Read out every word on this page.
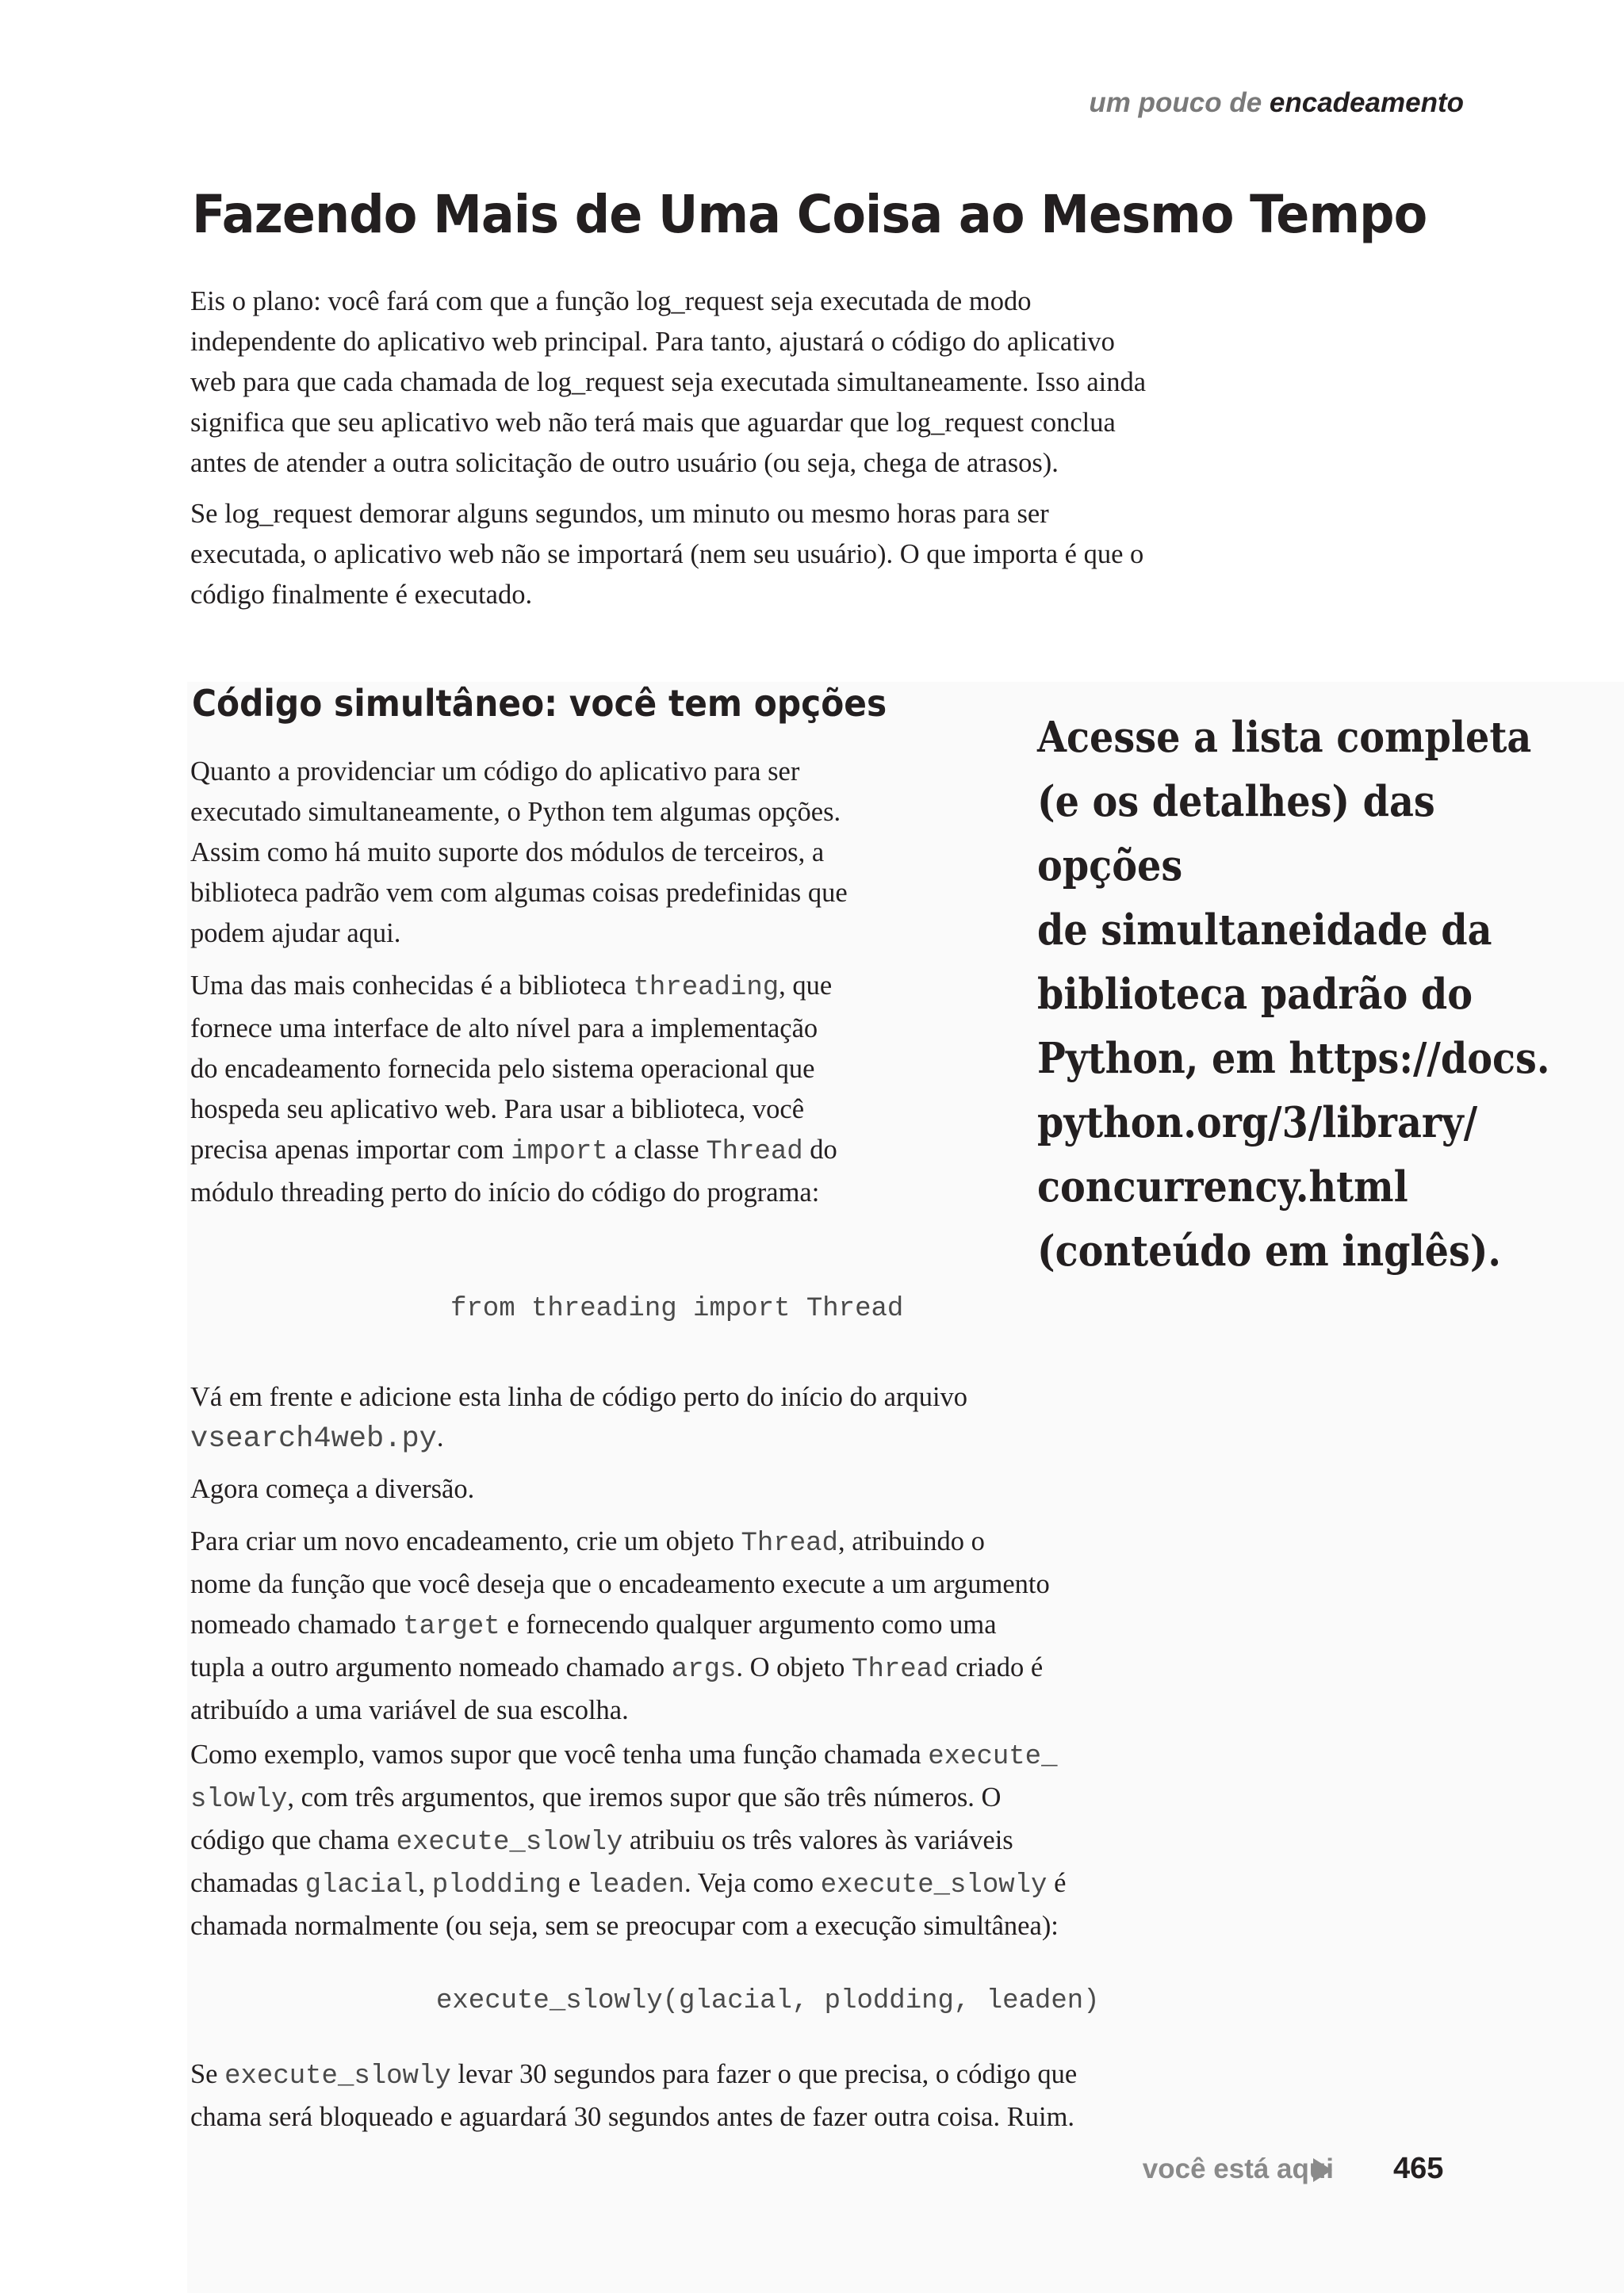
um pouco de encadeamento
Fazendo Mais de Uma Coisa ao Mesmo Tempo

Eis o plano: você fará com que a função log_request seja executada de modo
independente do aplicativo web principal. Para tanto, ajustará o código do aplicativo
web para que cada chamada de log_request seja executada simultaneamente. Isso ainda
significa que seu aplicativo web não terá mais que aguardar que log_request conclua
antes de atender a outra solicitação de outro usuário (ou seja, chega de atrasos).

Se log_request demorar alguns segundos, um minuto ou mesmo horas para ser
executada, o aplicativo web não se importará (nem seu usuário). O que importa é que o
código finalmente é executado.

Código simultâneo: você tem opções

Quanto a providenciar um código do aplicativo para ser
executado simultaneamente, o Python tem algumas opções.
Assim como há muito suporte dos módulos de terceiros, a
biblioteca padrão vem com algumas coisas predefinidas que
podem ajudar aqui.

Uma das mais conhecidas é a biblioteca threading, que
fornece uma interface de alto nível para a implementação
do encadeamento fornecida pelo sistema operacional que
hospeda seu aplicativo web. Para usar a biblioteca, você
precisa apenas importar com import a classe Thread do
módulo threading perto do início do código do programa:

Acesse a lista completa
(e os detalhes) das opções
de simultaneidade da
biblioteca padrão do
Python, em https://docs.
python.org/3/library/
concurrency.html
(conteúdo em inglês).

from threading import Thread

Vá em frente e adicione esta linha de código perto do início do arquivo
vsearch4web.py.

Agora começa a diversão.

Para criar um novo encadeamento, crie um objeto Thread, atribuindo o
nome da função que você deseja que o encadeamento execute a um argumento
nomeado chamado target e fornecendo qualquer argumento como uma
tupla a outro argumento nomeado chamado args. O objeto Thread criado é
atribuído a uma variável de sua escolha.

Como exemplo, vamos supor que você tenha uma função chamada execute_
slowly, com três argumentos, que iremos supor que são três números. O
código que chama execute_slowly atribuiu os três valores às variáveis
chamadas glacial, plodding e leaden. Veja como execute_slowly é
chamada normalmente (ou seja, sem se preocupar com a execução simultânea):

execute_slowly(glacial, plodding, leaden)

Se execute_slowly levar 30 segundos para fazer o que precisa, o código que
chama será bloqueado e aguardará 30 segundos antes de fazer outra coisa. Ruim.

você está aqui 465
